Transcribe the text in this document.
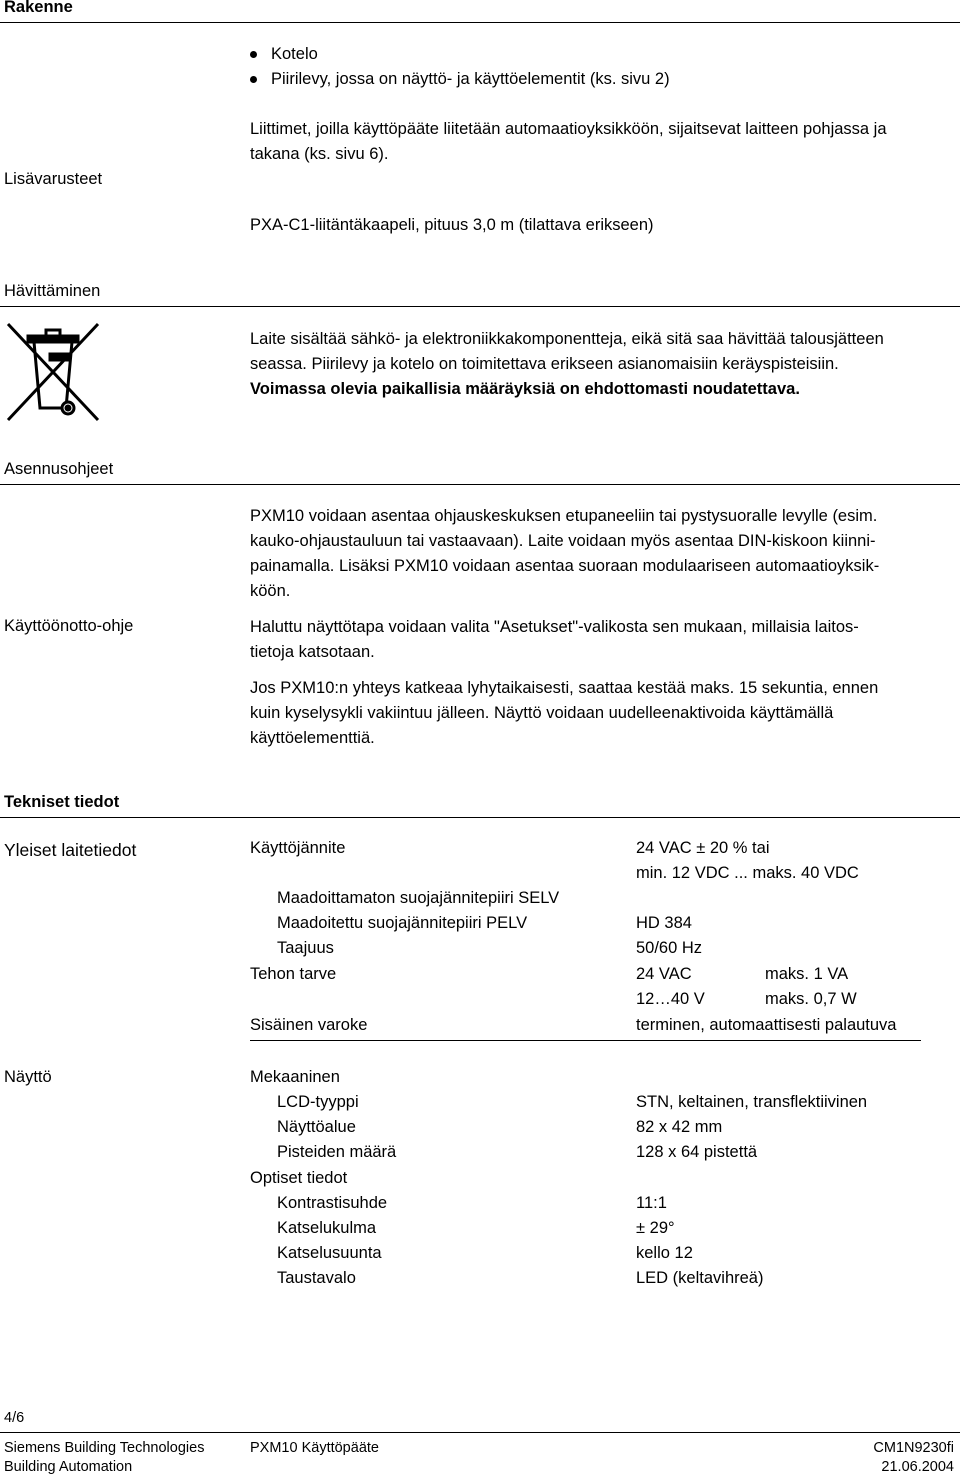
Rakenne
Kotelo
Piirilevy, jossa on näyttö- ja käyttöelementit (ks. sivu 2)
Lisävarusteet
Liittimet, joilla käyttöpääte liitetään automaatioyksikköön, sijaitsevat laitteen pohjassa ja
takana (ks. sivu 6).
PXA-C1-liitäntäkaapeli, pituus 3,0 m (tilattava erikseen)
Hävittäminen
Laite sisältää sähkö- ja elektroniikkakomponentteja, eikä sitä saa hävittää talousjätteen
seassa. Piirilevy ja kotelo on toimitettava erikseen asianomaisiin keräyspisteisiin.
Voimassa olevia paikallisia määräyksiä on ehdottomasti noudatettava.
Asennusohjeet
PXM10 voidaan asentaa ohjauskeskuksen etupaneeliin tai pystysuoralle levylle (esim.
kauko-ohjaustauluun tai vastaavaan). Laite voidaan myös asentaa DIN-kiskoon kiinni-
painamalla. Lisäksi PXM10 voidaan asentaa suoraan modulaariseen automaatioyksik-
köön.
Käyttöönotto-ohje	Haluttu näyttötapa voidaan valita "Asetukset"-valikosta sen mukaan, millaisia laitos-
tietoja katsotaan.
Jos PXM10:n yhteys katkeaa lyhytaikaisesti, saattaa kestää maks. 15 sekuntia, ennen
kuin kyselysykli vakiintuu jälleen. Näyttö voidaan uudelleenaktivoida käyttämällä
käyttöelementtiä.
Tekniset tiedot
Yleiset laitetiedot	Käyttöjännite	24 VAC ± 20 % tai
min. 12 VDC ... maks. 40 VDC
Maadoittamaton suojajännitepiiri SELV
Maadoitettu suojajännitepiiri PELV	HD 384
Taajuus	50/60 Hz
Tehon tarve	24 VAC	maks. 1 VA
12…40 V	maks. 0,7 W
Sisäinen varoke	terminen, automaattisesti palautuva
Näyttö	Mekaaninen
LCD-tyyppi	STN, keltainen, transflektiivinen
Näyttöalue	82 x 42 mm
Pisteiden määrä	128 x 64 pistettä
Optiset tiedot
Kontrastisuhde	11:1
Katselukulma	± 29°
Katselusuunta	kello 12
Taustavalo	LED (keltavihreä)
4/6
Siemens Building Technologies
Building Automation
PXM10 Käyttöpääte	CM1N9230fi
21.06.2004
